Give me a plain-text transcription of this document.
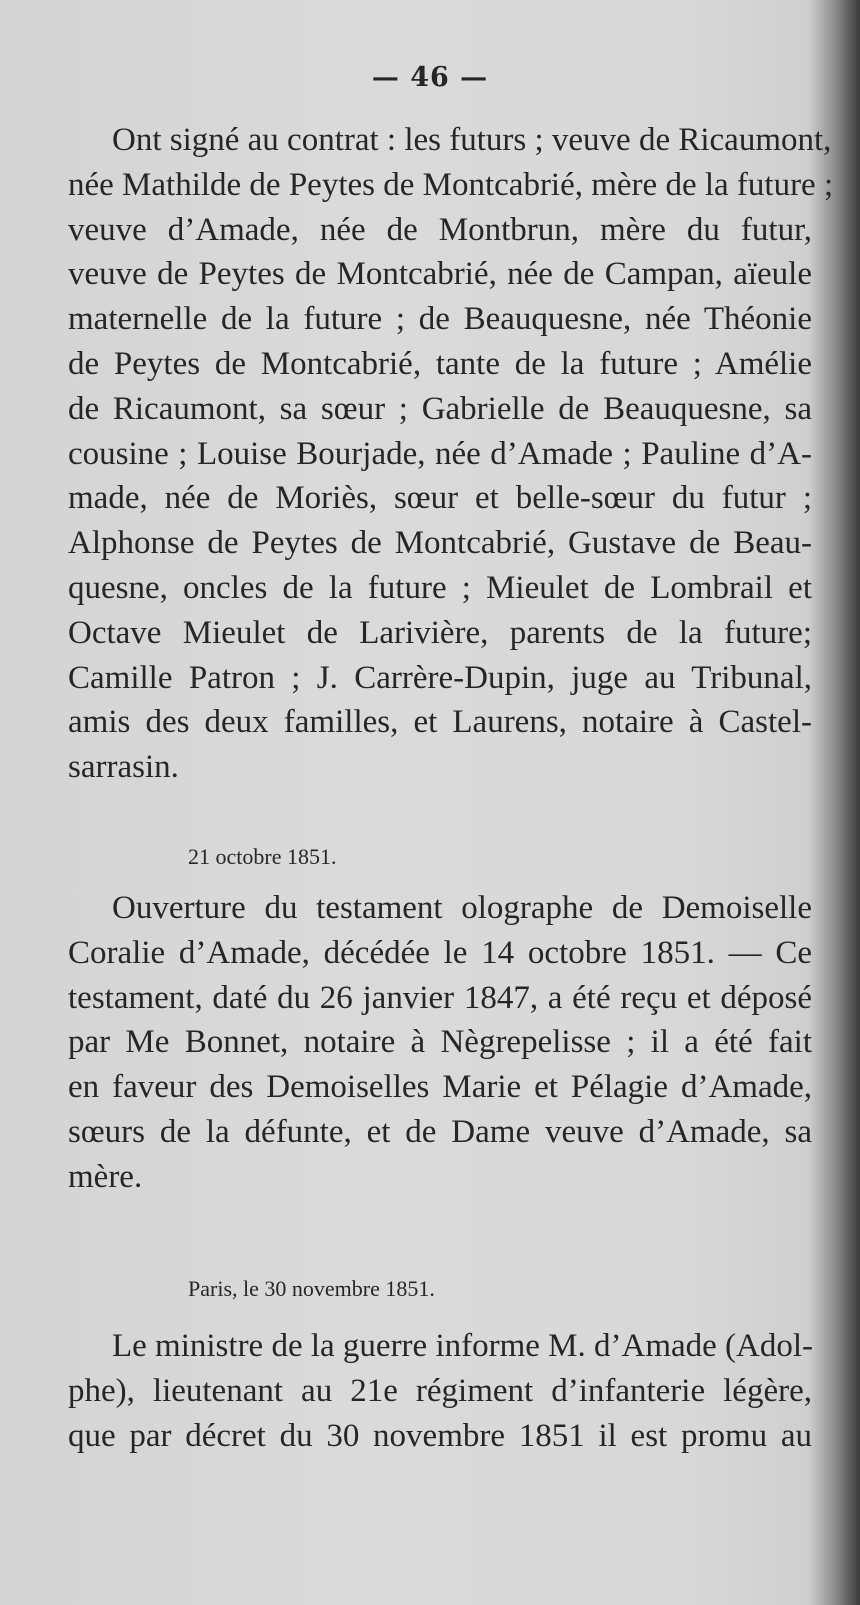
— 46 —
Ont signé au contrat : les futurs ; veuve de Ricaumont,
née Mathilde de Peytes de Montcabrié, mère de la future ;
veuve d’Amade, née de Montbrun, mère du futur,
veuve de Peytes de Montcabrié, née de Campan, aïeule
maternelle de la future ; de Beauquesne, née Théonie
de Peytes de Montcabrié, tante de la future ; Amélie
de Ricaumont, sa sœur ; Gabrielle de Beauquesne, sa
cousine ; Louise Bourjade, née d’Amade ; Pauline d’A-
made, née de Moriès, sœur et belle-sœur du futur ;
Alphonse de Peytes de Montcabrié, Gustave de Beau-
quesne, oncles de la future ; Mieulet de Lombrail et
Octave Mieulet de Larivière, parents de la future;
Camille Patron ; J. Carrère-Dupin, juge au Tribunal,
amis des deux familles, et Laurens, notaire à Castel-
sarrasin.

21 octobre 1851.

Ouverture du testament olographe de Demoiselle
Coralie d’Amade, décédée le 14 octobre 1851. — Ce
testament, daté du 26 janvier 1847, a été reçu et déposé
par Me Bonnet, notaire à Nègrepelisse ; il a été fait
en faveur des Demoiselles Marie et Pélagie d’Amade,
sœurs de la défunte, et de Dame veuve d’Amade, sa
mère.

Paris, le 30 novembre 1851.

Le ministre de la guerre informe M. d’Amade (Adol-
phe), lieutenant au 21e régiment d’infanterie légère,
que par décret du 30 novembre 1851 il est promu au
